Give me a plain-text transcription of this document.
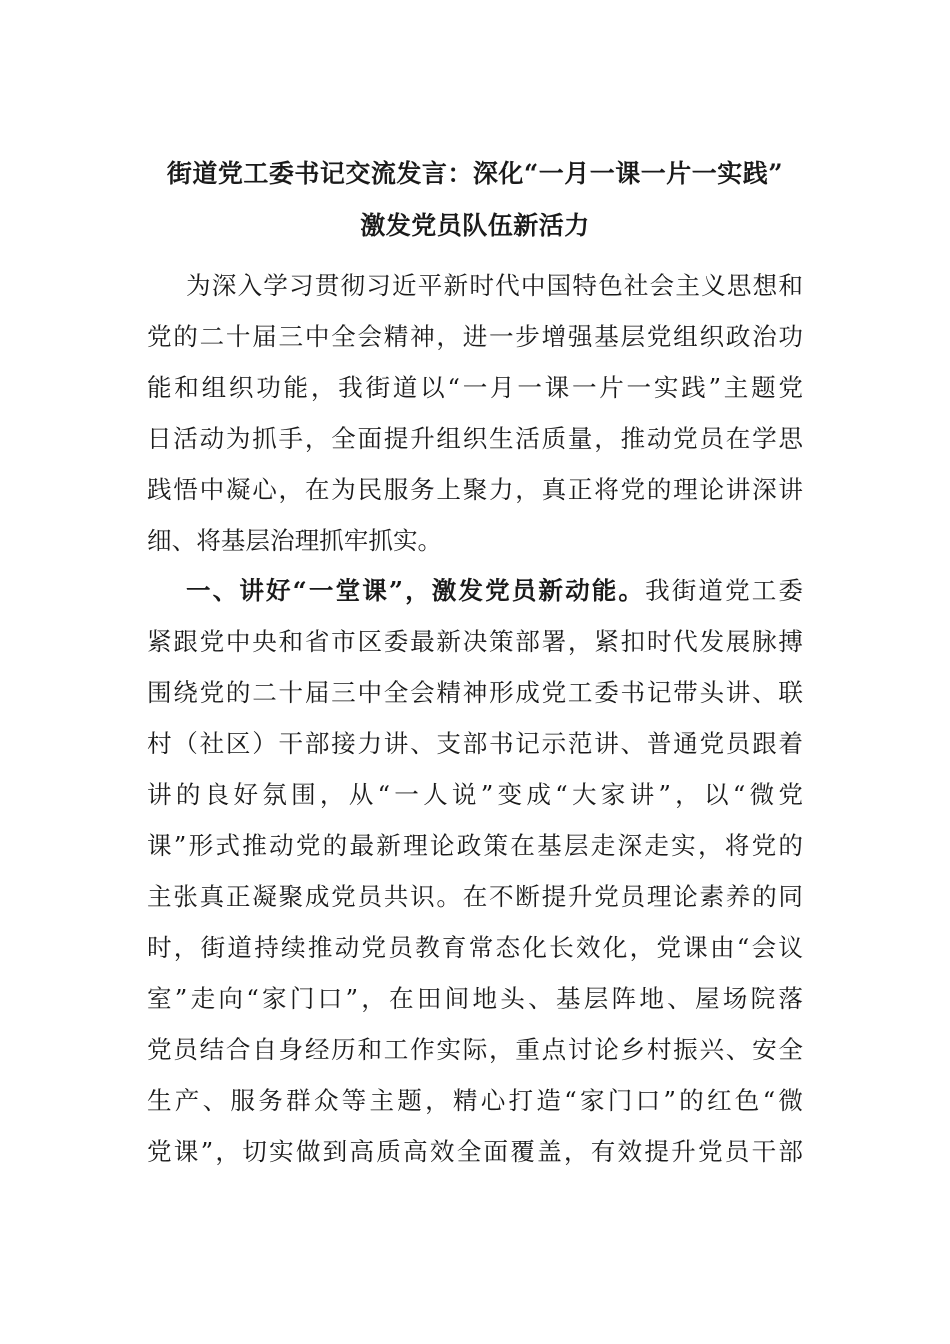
街道党工委书记交流发言：深化“一月一课一片一实践”
激发党员队伍新活力
为深入学习贯彻习近平新时代中国特色社会主义思想和
党的二十届三中全会精神，进一步增强基层党组织政治功
能和组织功能，我街道以“一月一课一片一实践”主题党
日活动为抓手，全面提升组织生活质量，推动党员在学思
践悟中凝心，在为民服务上聚力，真正将党的理论讲深讲
细、将基层治理抓牢抓实。
一、讲好“一堂课”，激发党员新动能。我街道党工委
紧跟党中央和省市区委最新决策部署，紧扣时代发展脉搏
围绕党的二十届三中全会精神形成党工委书记带头讲、联
村（社区）干部接力讲、支部书记示范讲、普通党员跟着
讲的良好氛围，从“一人说”变成“大家讲”，以“微党
课”形式推动党的最新理论政策在基层走深走实，将党的
主张真正凝聚成党员共识。在不断提升党员理论素养的同
时，街道持续推动党员教育常态化长效化，党课由“会议
室”走向“家门口”，在田间地头、基层阵地、屋场院落
党员结合自身经历和工作实际，重点讨论乡村振兴、安全
生产、服务群众等主题，精心打造“家门口”的红色“微
党课”，切实做到高质高效全面覆盖，有效提升党员干部
